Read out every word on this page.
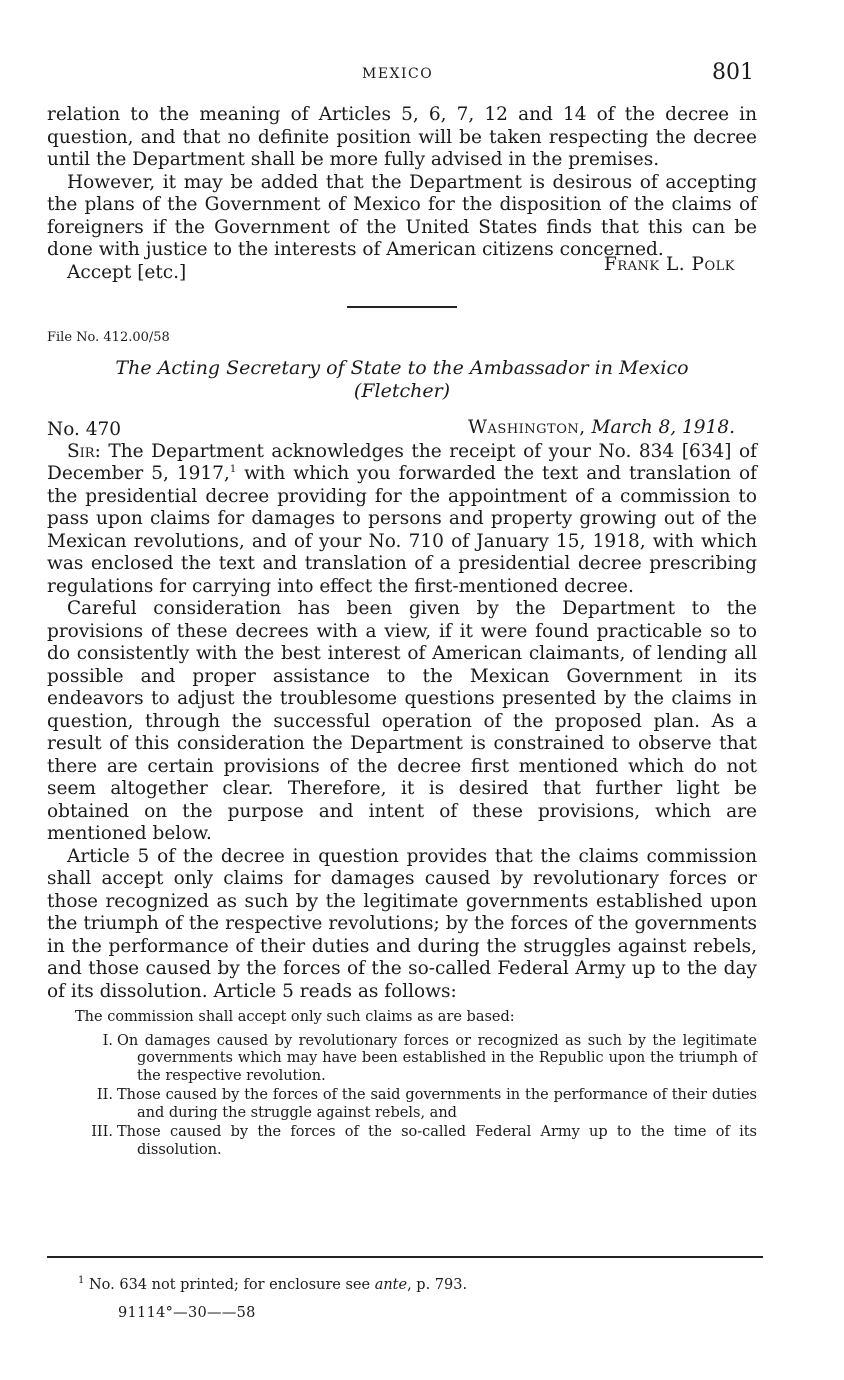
MEXICO	801

relation to the meaning of Articles 5, 6, 7, 12 and 14 of the decree in question, and that no definite position will be taken respecting the decree until the Department shall be more fully advised in the premises.

However, it may be added that the Department is desirous of accepting the plans of the Government of Mexico for the disposition of the claims of foreigners if the Government of the United States finds that this can be done with justice to the interests of American citizens concerned.

Accept [etc.]	Frank L. Polk
File No. 412.00/58
The Acting Secretary of State to the Ambassador in Mexico (Fletcher)
No. 470	Washington, March 8, 1918.

Sir: The Department acknowledges the receipt of your No. 834 [634] of December 5, 1917,$^1$ with which you forwarded the text and translation of the presidential decree providing for the appointment of a commission to pass upon claims for damages to persons and property growing out of the Mexican revolutions, and of your No. 710 of January 15, 1918, with which was enclosed the text and translation of a presidential decree prescribing regulations for carrying into effect the first-mentioned decree.

Careful consideration has been given by the Department to the provisions of these decrees with a view, if it were found practicable so to do consistently with the best interest of American claimants, of lending all possible and proper assistance to the Mexican Government in its endeavors to adjust the troublesome questions presented by the claims in question, through the successful operation of the proposed plan. As a result of this consideration the Department is constrained to observe that there are certain provisions of the decree first mentioned which do not seem altogether clear. Therefore, it is desired that further light be obtained on the purpose and intent of these provisions, which are mentioned below.

Article 5 of the decree in question provides that the claims commission shall accept only claims for damages caused by revolutionary forces or those recognized as such by the legitimate governments established upon the triumph of the respective revolutions; by the forces of the governments in the performance of their duties and during the struggles against rebels, and those caused by the forces of the so-called Federal Army up to the day of its dissolution. Article 5 reads as follows:

The commission shall accept only such claims as are based:
I. On damages caused by revolutionary forces or recognized as such by the legitimate governments which may have been established in the Republic upon the triumph of the respective revolution.
II. Those caused by the forces of the said governments in the performance of their duties and during the struggle against rebels, and
III. Those caused by the forces of the so-called Federal Army up to the time of its dissolution.
$^1$ No. 634 not printed; for enclosure see ante, p. 793.
91114°—30——58
